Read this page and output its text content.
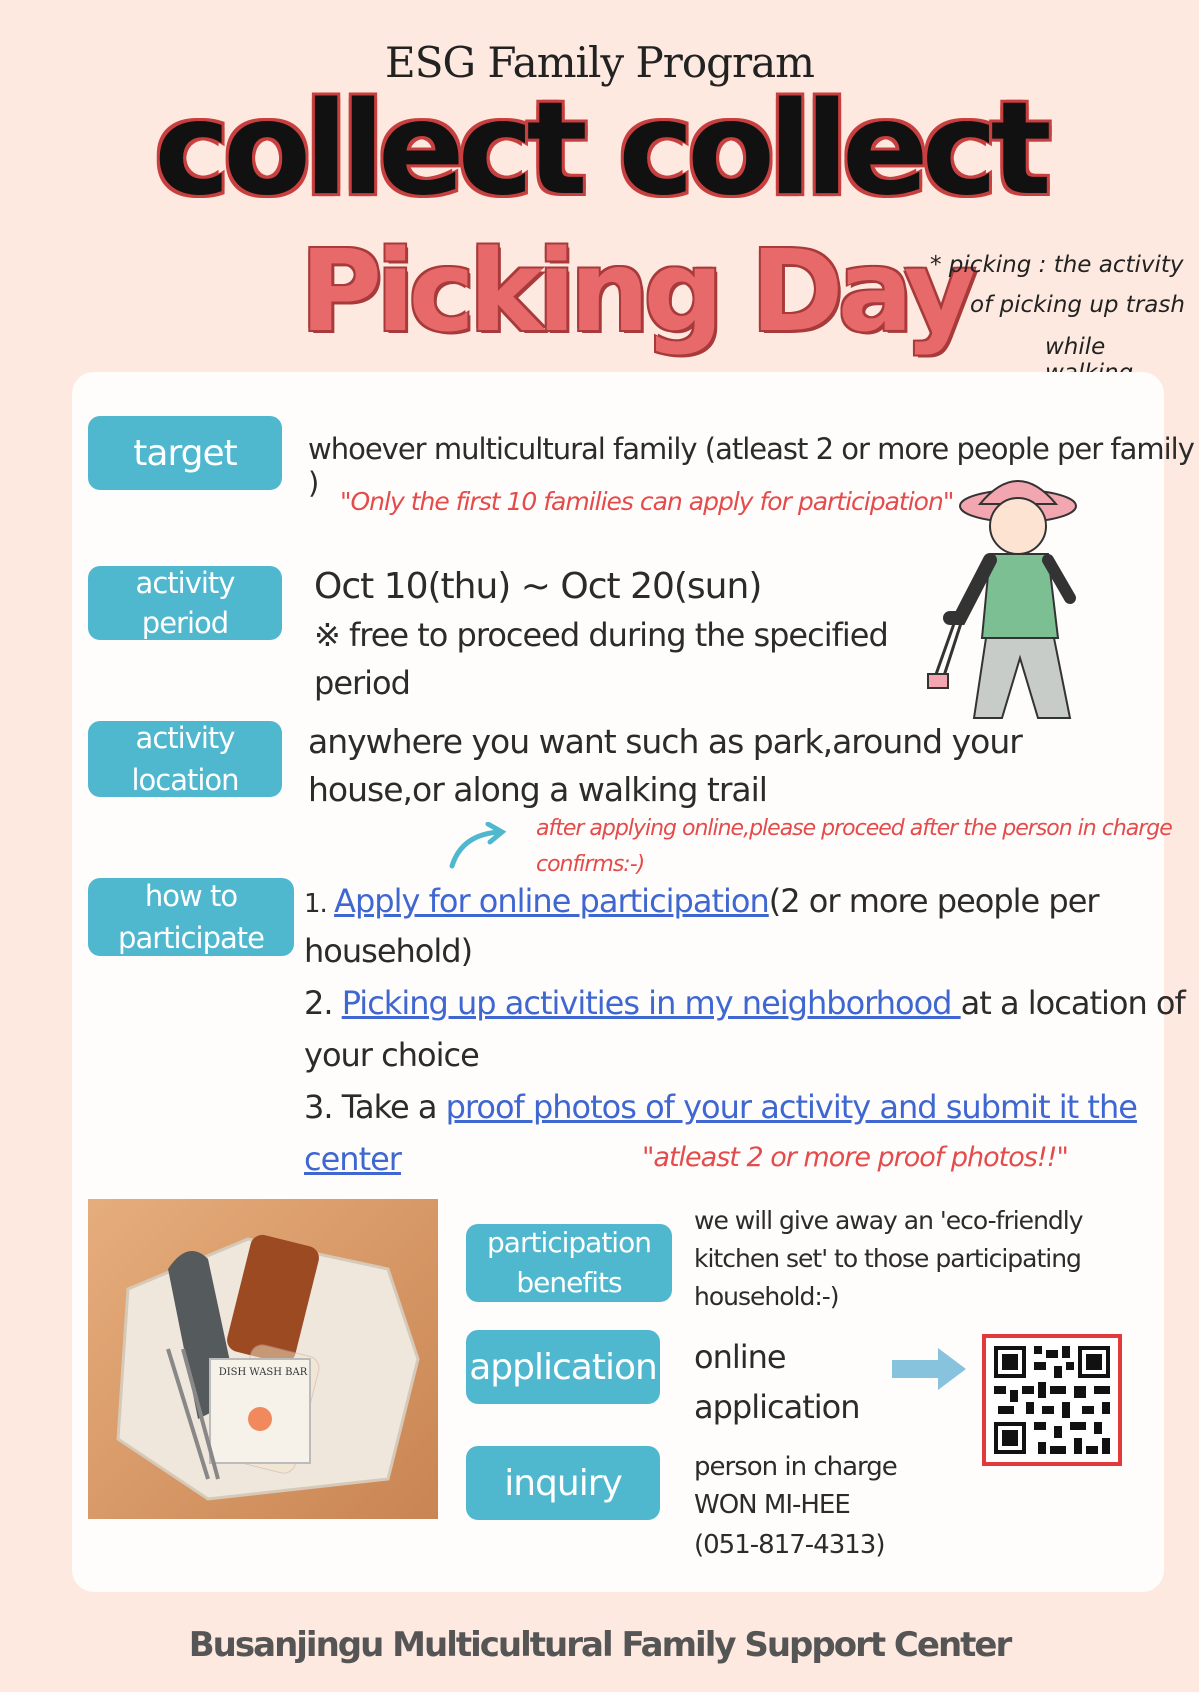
ESG Family Program
collect collect
Picking Day
* picking : the activity
of picking up trash
while
target whoever multicultural family (atleast 2 or more people per family )
"Only the first 10 families can apply for participation"
activity
period
Oct 10(thu) ~ Oct 20(sun)
※ free to proceed during the specified
period
activity
location
anywhere you want such as park,around your
house,or along a walking trail
after applying online,please proceed after the person in charge
confirms:-)
how to
participate
1. Apply for online participation(2 or more people per
household)
2. Picking up activities in my neighborhood at a location of
your choice
3. Take a proof photos of your activity and submit it the
center	"atleast 2 or more proof photos!!"
DISH WASH BAR
participation
benefits
we will give away an 'eco-friendly
kitchen set' to those participating
household:-)
application online
application
inquiry	person in charge
WON MI-HEE
(051-817-4313)
Busanjingu Multicultural Family Support Center
